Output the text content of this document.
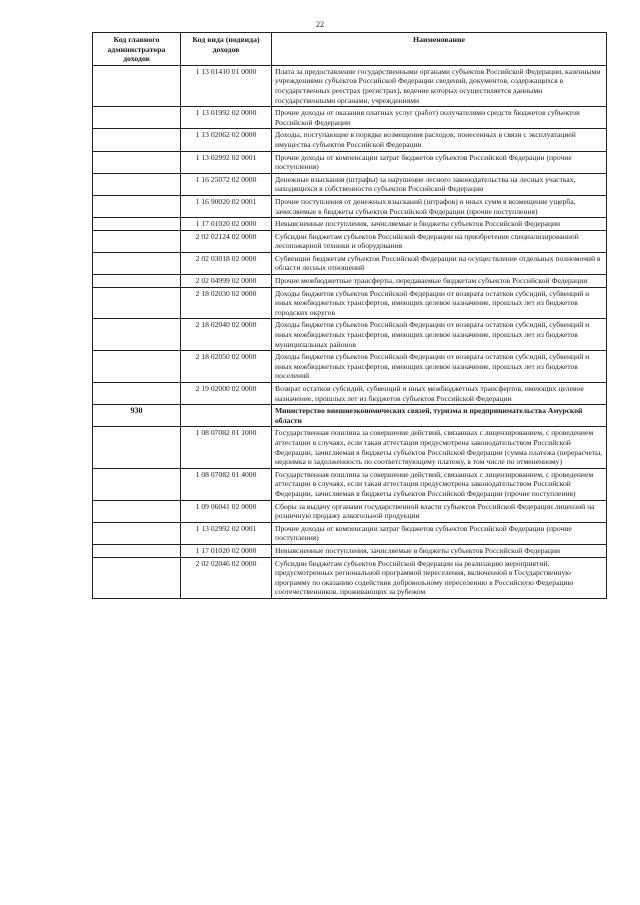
22
Код главного администратора доходов	Код вида (подвида) доходов	Наименование
	1 13 01410 01 0000	Плата за предоставление государственными органами субъектов Российской Федерации, казенными учреждениями субъектов Российской Федерации сведений, документов, содержащихся в государственных реестрах (регистрах), ведение которых осуществляется данными государственными органами, учреждениями
	1 13 01992 02 0000	Прочие доходы от оказания платных услуг (работ) получателями средств бюджетов субъектов Российской Федерации
	1 13 02062 02 0000	Доходы, поступающие в порядке возмещения расходов, понесенных в связи с эксплуатацией имущества субъектов Российской Федерации
	1 13 02992 02 0001	Прочие доходы от компенсации затрат бюджетов субъектов Российской Федерации (прочие поступления)
	1 16 25072 02 0000	Денежные взыскания (штрафы) за нарушение лесного законодательства на лесных участках, находящихся в собственности субъектов Российской Федерации
	1 16 90020 02 0001	Прочие поступления от денежных взысканий (штрафов) и иных сумм в возмещение ущерба, зачисляемые в бюджеты субъектов Российской Федерации (прочие поступления)
	1 17 01020 02 0000	Невыясненные поступления, зачисляемые в бюджеты субъектов Российской Федерации
	2 02 02124 02 0000	Субсидии бюджетам субъектов Российской Федерации на приобретение специализированной лесопожарной техники и оборудования
	2 02 03018 02 0000	Субвенции бюджетам субъектов Российской Федерации на осуществление отдельных полномочий в области лесных отношений
	2 02 04999 02 0000	Прочие межбюджетные трансферты, передаваемые бюджетам субъектов Российской Федерации
	2 18 02030 02 0000	Доходы бюджетов субъектов Российской Федерации от возврата остатков субсидий, субвенций и иных межбюджетных трансфертов, имеющих целевое назначение, прошлых лет из бюджетов городских округов
	2 18 02040 02 0000	Доходы бюджетов субъектов Российской Федерации от возврата остатков субсидий, субвенций и иных межбюджетных трансфертов, имеющих целевое назначение, прошлых лет из бюджетов муниципальных районов
	2 18 02050 02 0000	Доходы бюджетов субъектов Российской Федерации от возврата остатков субсидий, субвенций и иных межбюджетных трансфертов, имеющих целевое назначение, прошлых лет из бюджетов поселений
	2 19 02000 02 0000	Возврат остатков субсидий, субвенций и иных межбюджетных трансфертов, имеющих целевое назначение, прошлых лет из бюджетов субъектов Российской Федерации
930		Министерство внешнеэкономических связей, туризма и предпринимательства Амурской области
	1 08 07082 01 1000	Государственная пошлина за совершение действий, связанных с лицензированием, с проведением аттестации в случаях, если такая аттестация предусмотрена законодательством Российской Федерации, зачисляемая в бюджеты субъектов Российской Федерации (сумма платежа (перерасчеты, недоимка и задолженность по соответствующему платежу, в том числе по отмененному)
	1 08 07082 01 4000	Государственная пошлина за совершение действий, связанных с лицензированием, с проведением аттестации в случаях, если такая аттестация предусмотрена законодательством Российской Федерации, зачисляемая в бюджеты субъектов Российской Федерации (прочие поступления)
	1 09 06041 02 0000	Сборы за выдачу органами государственной власти субъектов Российской Федерации лицензий на розничную продажу алкогольной продукции
	1 13 02992 02 0001	Прочие доходы от компенсации затрат бюджетов субъектов Российской Федерации (прочие поступления)
	1 17 01020 02 0000	Невыясненные поступления, зачисляемые в бюджеты субъектов Российской Федерации
	2 02 02046 02 0000	Субсидии бюджетам субъектов Российской Федерации на реализацию мероприятий, предусмотренных региональной программой переселения, включенной в Государственную программу по оказанию содействия добровольному переселению в Российскую Федерацию соотечественников, проживающих за рубежом
